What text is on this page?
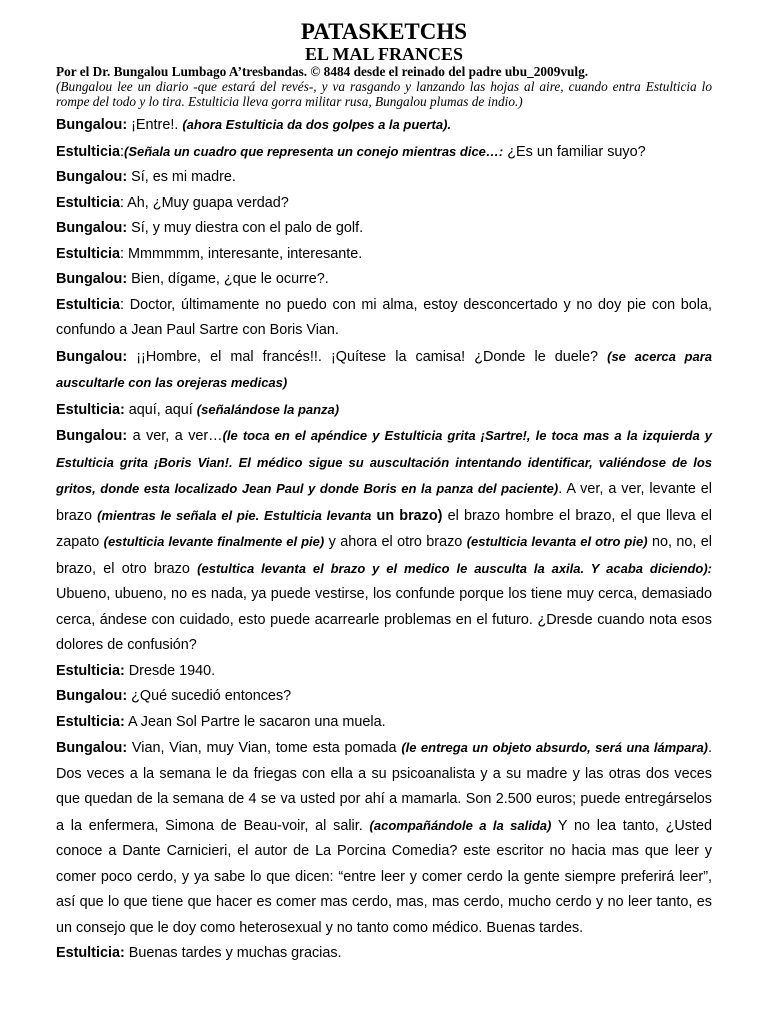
PATASKETCHS
EL MAL FRANCES

Por el Dr. Bungalou Lumbago A’tresbandas. © 8484 desde el reinado del padre ubu_2009vulg.

(Bungalou lee un diario -que estará del revés-, y va rasgando y lanzando las hojas al aire, cuando entra Estulticia lo rompe del todo y lo tira. Estulticia lleva gorra militar rusa, Bungalou plumas de indio.)

Bungalou: ¡Entre!. (ahora Estulticia da dos golpes a la puerta).

Estulticia:(Señala un cuadro que representa un conejo mientras dice…: ¿Es un familiar suyo?

Bungalou: Sí, es mi madre.

Estulticia: Ah, ¿Muy guapa verdad?

Bungalou: Sí, y muy diestra con el palo de golf.

Estulticia: Mmmmmm, interesante, interesante.

Bungalou: Bien, dígame, ¿que le ocurre?.

Estulticia: Doctor, últimamente no puedo con mi alma, estoy desconcertado y no doy pie con bola, confundo a Jean Paul Sartre con Boris Vian.

Bungalou: ¡¡Hombre, el mal francés!!. ¡Quítese la camisa! ¿Donde le duele? (se acerca para auscultarle con las orejeras medicas)

Estulticia: aquí, aquí (señalándose la panza)

Bungalou: a ver, a ver…(le toca en el apéndice y Estulticia grita ¡Sartre!, le toca mas a la izquierda y Estulticia grita ¡Boris Vian!. El médico sigue su auscultación intentando identificar, valiéndose de los gritos, donde esta localizado Jean Paul y donde Boris en la panza del paciente). A ver, a ver, levante el brazo (mientras le señala el pie. Estulticia levanta un brazo) el brazo hombre el brazo, el que lleva el zapato (estulticia levante finalmente el pie) y ahora el otro brazo (estulticia levanta el otro pie) no, no, el brazo, el otro brazo (estultica levanta el brazo y el medico le ausculta la axila. Y acaba diciendo): Ubueno, ubueno, no es nada, ya puede vestirse, los confunde porque los tiene muy cerca, demasiado cerca, ándese con cuidado, esto puede acarrearle problemas en el futuro. ¿Dresde cuando nota esos dolores de confusión?

Estulticia: Dresde 1940.

Bungalou: ¿Qué sucedió entonces?

Estulticia: A Jean Sol Partre le sacaron una muela.

Bungalou: Vian, Vian, muy Vian, tome esta pomada (le entrega un objeto absurdo, será una lámpara). Dos veces a la semana le da friegas con ella a su psicoanalista y a su madre y las otras dos veces que quedan de la semana de 4 se va usted por ahí a mamarla. Son 2.500 euros; puede entregárselos a la enfermera, Simona de Beau-voir, al salir. (acompañándole a la salida) Y no lea tanto, ¿Usted conoce a Dante Carnicieri, el autor de La Porcina Comedia? este escritor no hacia mas que leer y comer poco cerdo, y ya sabe lo que dicen: “entre leer y comer cerdo la gente siempre preferirá leer”, así que lo que tiene que hacer es comer mas cerdo, mas, mas cerdo, mucho cerdo y no leer tanto, es un consejo que le doy como heterosexual y no tanto como médico. Buenas tardes.

Estulticia: Buenas tardes y muchas gracias.
